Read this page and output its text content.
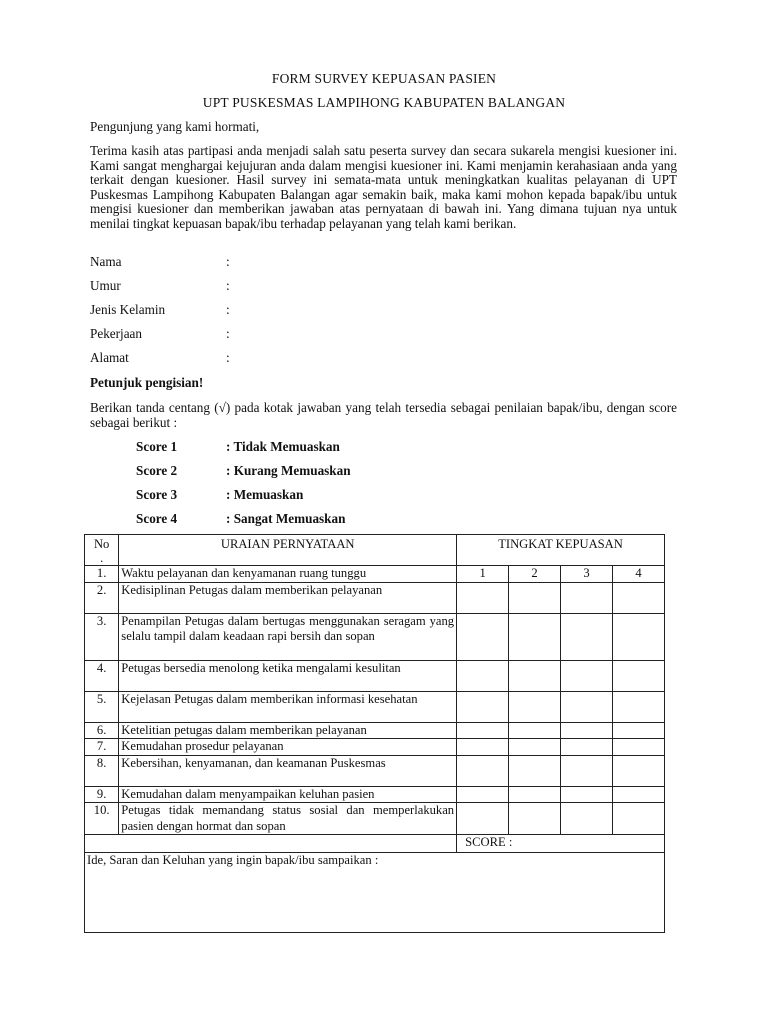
FORM SURVEY KEPUASAN PASIEN
UPT PUSKESMAS LAMPIHONG KABUPATEN BALANGAN
Pengunjung yang kami hormati,
Terima kasih atas partipasi anda menjadi salah satu peserta survey dan secara sukarela mengisi kuesioner ini. Kami sangat menghargai kejujuran anda dalam mengisi kuesioner ini. Kami menjamin kerahasiaan anda yang terkait dengan kuesioner. Hasil survey ini semata-mata untuk meningkatkan kualitas pelayanan di UPT Puskesmas Lampihong Kabupaten Balangan agar semakin baik, maka kami mohon kepada bapak/ibu untuk mengisi kuesioner dan memberikan jawaban atas pernyataan di bawah ini. Yang dimana tujuan nya untuk menilai tingkat kepuasan bapak/ibu terhadap pelayanan yang telah kami berikan.
Nama	:
Umur	:
Jenis Kelamin	:
Pekerjaan	:
Alamat	:
Petunjuk pengisian!
Berikan tanda centang (√) pada kotak jawaban yang telah tersedia sebagai penilaian bapak/ibu, dengan score sebagai berikut :
Score 1	: Tidak Memuaskan
Score 2	: Kurang Memuaskan
Score 3	: Memuaskan
Score 4	: Sangat Memuaskan
No
.	URAIAN PERNYATAAN	TINGKAT KEPUASAN

1.	Waktu pelayanan dan kenyamanan ruang tunggu	1	2	3	4
2.	Kedisiplinan Petugas dalam memberikan pelayanan				
3.	Penampilan Petugas dalam bertugas menggunakan seragam yang selalu tampil dalam keadaan rapi bersih dan sopan				
4.	Petugas bersedia menolong ketika mengalami kesulitan				
5.	Kejelasan Petugas dalam memberikan informasi kesehatan				
6.	Ketelitian petugas dalam memberikan pelayanan				
7.	Kemudahan prosedur pelayanan				
8.	Kebersihan, kenyamanan, dan keamanan Puskesmas				
9.	Kemudahan dalam menyampaikan keluhan pasien				
10.	Petugas tidak memandang status sosial dan memperlakukan pasien dengan hormat dan sopan				
		SCORE :			
Ide, Saran dan Keluhan yang ingin bapak/ibu sampaikan :					
